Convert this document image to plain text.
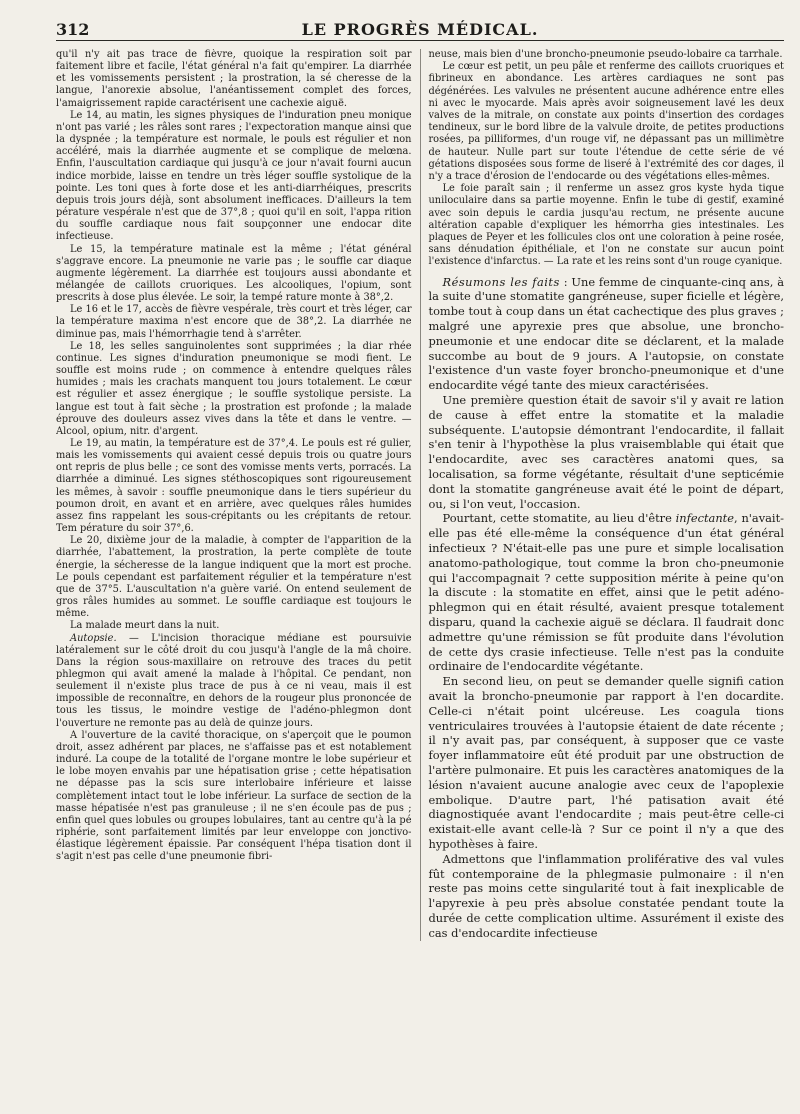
312	LE PROGRÈS MÉDICAL.

qu'il n'y ait pas trace de fièvre, quoique la respiration soit par faitement libre et facile, l'état général n'a fait qu'empirer. La diarrhée et les vomissements persistent ; la prostration, la sé cheresse de la langue, l'anorexie absolue, l'anéantissement complet des forces, l'amaigrissement rapide caractérisent une cachexie aiguë.

Le 14, au matin, les signes physiques de l'induration pneu monique n'ont pas varié ; les râles sont rares ; l'expectoration manque ainsi que la dyspnée ; la température est normale, le pouls est régulier et non accéléré, mais la diarrhée augmente et se complique de melœna. Enfin, l'auscultation cardiaque qui jusqu'à ce jour n'avait fourni aucun indice morbide, laisse en tendre un très léger souffle systolique de la pointe. Les toni ques à forte dose et les anti-diarrhéiques, prescrits depuis trois jours déjà, sont absolument inefficaces. D'ailleurs la tem pérature vespérale n'est que de 37°,8 ; quoi qu'il en soit, l'appa rition du souffle cardiaque nous fait soupçonner une endocar dite infectieuse.

Le 15, la température matinale est la même ; l'état général s'aggrave encore. La pneumonie ne varie pas ; le souffle car diaque augmente légèrement. La diarrhée est toujours aussi abondante et mélangée de caillots cruoriques. Les alcooliques, l'opium, sont prescrits à dose plus élevée. Le soir, la tempé rature monte à 38°,2.

Le 16 et le 17, accès de fièvre vespérale, très court et très léger, car la température maxima n'est encore que de 38°,2. La diarrhée ne diminue pas, mais l'hémorrhagie tend à s'arrêter.

Le 18, les selles sanguinolentes sont supprimées ; la diar rhée continue. Les signes d'induration pneumonique se modi fient. Le souffle est moins rude ; on commence à entendre quelques râles humides ; mais les crachats manquent tou jours totalement. Le cœur est régulier et assez énergique ; le souffle systolique persiste. La langue est tout à fait sèche ; la prostration est profonde ; la malade éprouve des douleurs assez vives dans la tête et dans le ventre. — Alcool, opium, nitr. d'argent.

Le 19, au matin, la température est de 37°,4. Le pouls est ré gulier, mais les vomissements qui avaient cessé depuis trois ou quatre jours ont repris de plus belle ; ce sont des vomisse ments verts, porracés. La diarrhée a diminué. Les signes stéthoscopiques sont rigoureusement les mêmes, à savoir : souffle pneumonique dans le tiers supérieur du poumon droit, en avant et en arrière, avec quelques râles humides assez fins rappelant les sous-crépitants ou les crépitants de retour. Tem pérature du soir 37°,6.

Le 20, dixième jour de la maladie, à compter de l'apparition de la diarrhée, l'abattement, la prostration, la perte complète de toute énergie, la sécheresse de la langue indiquent que la mort est proche. Le pouls cependant est parfaitement régulier et la température n'est que de 37°5. L'auscultation n'a guère varié. On entend seulement de gros râles humides au sommet. Le souffle cardiaque est toujours le même.

La malade meurt dans la nuit.

Autopsie. — L'incision thoracique médiane est poursuivie latéralement sur le côté droit du cou jusqu'à l'angle de la mâ choire. Dans la région sous-maxillaire on retrouve des traces du petit phlegmon qui avait amené la malade à l'hôpital. Ce pendant, non seulement il n'existe plus trace de pus à ce ni veau, mais il est impossible de reconnaître, en dehors de la rougeur plus prononcée de tous les tissus, le moindre vestige de l'adéno-phlegmon dont l'ouverture ne remonte pas au delà de quinze jours.

A l'ouverture de la cavité thoracique, on s'aperçoit que le poumon droit, assez adhérent par places, ne s'affaisse pas et est notablement induré. La coupe de la totalité de l'organe montre le lobe supérieur et le lobe moyen envahis par une hépatisation grise ; cette hépatisation ne dépasse pas la scis sure interlobaire inférieure et laisse complètement intact tout le lobe inférieur. La surface de section de la masse hépatisée n'est pas granuleuse ; il ne s'en écoule pas de pus ; enfin quel ques lobules ou groupes lobulaires, tant au centre qu'à la pé riphérie, sont parfaitement limités par leur enveloppe con jonctivo-élastique légèrement épaissie. Par conséquent l'hépa tisation dont il s'agit n'est pas celle d'une pneumonie fibri-

neuse, mais bien d'une broncho-pneumonie pseudo-lobaire ca tarrhale.

Le cœur est petit, un peu pâle et renferme des caillots cruoriques et fibrineux en abondance. Les artères cardiaques ne sont pas dégénérées. Les valvules ne présentent aucune adhérence entre elles ni avec le myocarde. Mais après avoir soigneusement lavé les deux valves de la mitrale, on constate aux points d'insertion des cordages tendineux, sur le bord libre de la valvule droite, de petites productions rosées, pa pilliformes, d'un rouge vif, ne dépassant pas un millimètre de hauteur. Nulle part sur toute l'étendue de cette série de vé gétations disposées sous forme de liseré à l'extrémité des cor dages, il n'y a trace d'érosion de l'endocarde ou des végétations elles-mêmes.

Le foie paraît sain ; il renferme un assez gros kyste hyda tique uniloculaire dans sa partie moyenne. Enfin le tube di gestif, examiné avec soin depuis le cardia jusqu'au rectum, ne présente aucune altération capable d'expliquer les hémorrha gies intestinales. Les plaques de Peyer et les follicules clos ont une coloration à peine rosée, sans dénudation épithéliale, et l'on ne constate sur aucun point l'existence d'infarctus. — La rate et les reins sont d'un rouge cyanique.

Résumons les faits : Une femme de cinquante-cinq ans, à la suite d'une stomatite gangréneuse, super ficielle et légère, tombe tout à coup dans un état cachectique des plus graves ; malgré une apyrexie pres que absolue, une broncho-pneumonie et une endocar dite se déclarent, et la malade succombe au bout de 9 jours. A l'autopsie, on constate l'existence d'un vaste foyer broncho-pneumonique et d'une endocardite végé tante des mieux caractérisées.

Une première question était de savoir s'il y avait re lation de cause à effet entre la stomatite et la maladie subséquente. L'autopsie démontrant l'endocardite, il fallait s'en tenir à l'hypothèse la plus vraisemblable qui était que l'endocardite, avec ses caractères anatomi ques, sa localisation, sa forme végétante, résultait d'une septicémie dont la stomatite gangréneuse avait été le point de départ, ou, si l'on veut, l'occasion.

Pourtant, cette stomatite, au lieu d'être infectante, n'avait-elle pas été elle-même la conséquence d'un état général infectieux ? N'était-elle pas une pure et simple localisation anatomo-pathologique, tout comme la bron cho-pneumonie qui l'accompagnait ? cette supposition mérite à peine qu'on la discute : la stomatite en effet, ainsi que le petit adéno-phlegmon qui en était résulté, avaient presque totalement disparu, quand la cachexie aiguë se déclara. Il faudrait donc admettre qu'une rémission se fût produite dans l'évolution de cette dys crasie infectieuse. Telle n'est pas la conduite ordinaire de l'endocardite végétante.

En second lieu, on peut se demander quelle signifi cation avait la broncho-pneumonie par rapport à l'en docardite. Celle-ci n'était point ulcéreuse. Les coagula tions ventriculaires trouvées à l'autopsie étaient de date récente ; il n'y avait pas, par conséquent, à supposer que ce vaste foyer inflammatoire eût été produit par une obstruction de l'artère pulmonaire. Et puis les caractères anatomiques de la lésion n'avaient aucune analogie avec ceux de l'apoplexie embolique. D'autre part, l'hé patisation avait été diagnostiquée avant l'endocardite ; mais peut-être celle-ci existait-elle avant celle-là ? Sur ce point il n'y a que des hypothèses à faire.

Admettons que l'inflammation proliférative des val vules fût contemporaine de la phlegmasie pulmonaire : il n'en reste pas moins cette singularité tout à fait inexplicable de l'apyrexie à peu près absolue constatée pendant toute la durée de cette complication ultime. Assurément il existe des cas d'endocardite infectieuse
